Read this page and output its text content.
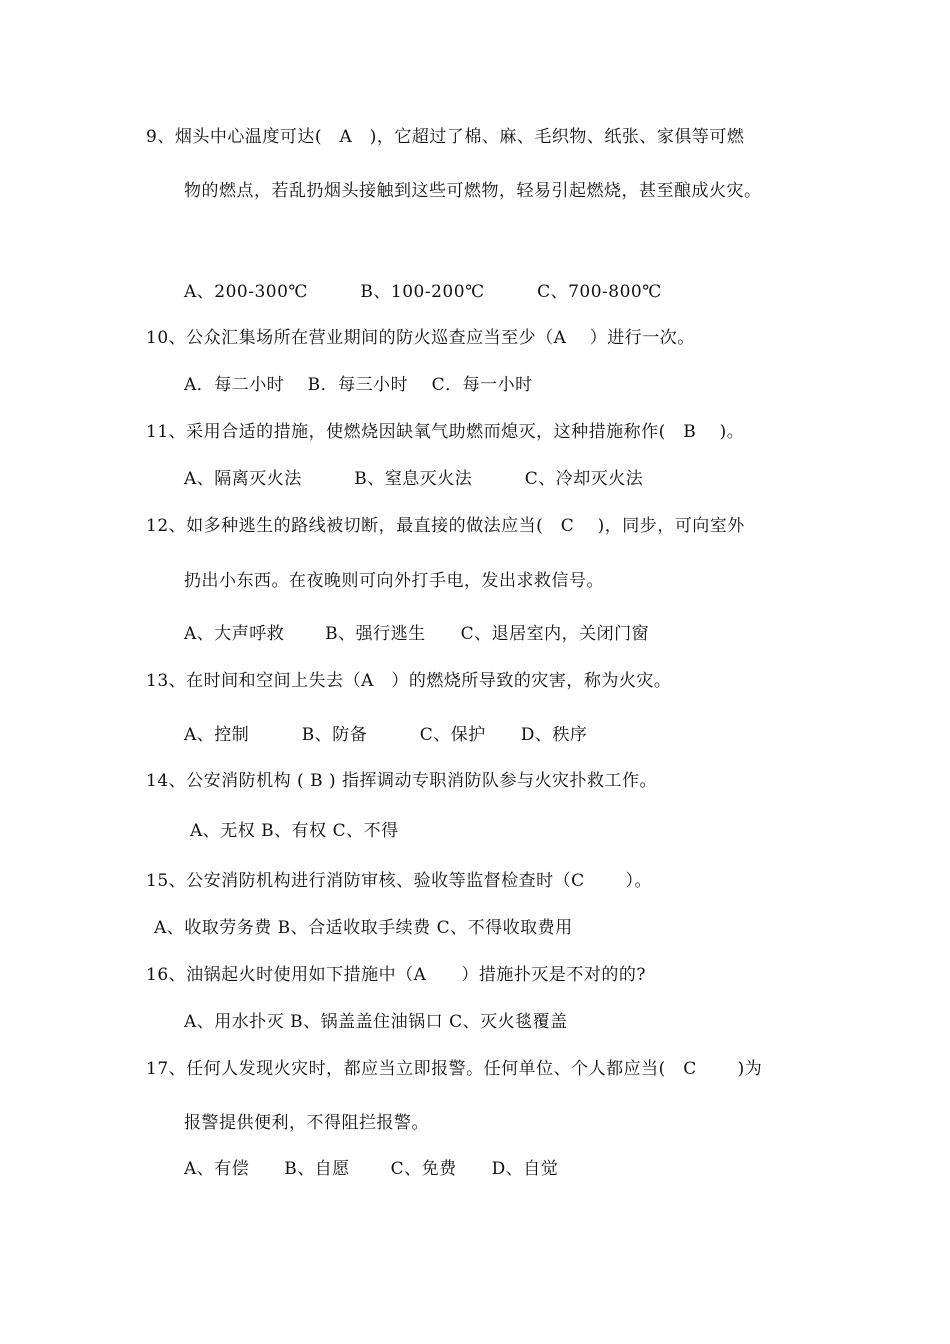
9、烟头中心温度可达(　A　)，它超过了棉、麻、毛织物、纸张、家俱等可燃
物的燃点，若乱扔烟头接触到这些可燃物，轻易引起燃烧，甚至酿成火灾。
A、200-300℃　　　B、100-200℃　　　C、700-800℃
10、公众汇集场所在营业期间的防火巡查应当至少（A　 ）进行一次。
A．每二小时　 B．每三小时　 C．每一小时
11、采用合适的措施，使燃烧因缺氧气助燃而熄灭，这种措施称作(　B　 )。
A、隔离灭火法　　　B、窒息灭火法　　　C、冷却灭火法
12、如多种逃生的路线被切断，最直接的做法应当(　C　 )，同步，可向室外
扔出小东西。在夜晚则可向外打手电，发出求救信号。
A、大声呼救　　 B、强行逃生　　C、退居室内，关闭门窗
13、在时间和空间上失去（A　）的燃烧所导致的灾害，称为火灾。
A、控制　　　B、防备　　　C、保护　　D、秩序
14、公安消防机构 ( B ) 指挥调动专职消防队参与火灾扑救工作。
A、无权 B、有权 C、不得
15、公安消防机构进行消防审核、验收等监督检查时（C　　 ）。
A、收取劳务费 B、合适收取手续费 C、不得收取费用
16、油锅起火时使用如下措施中（A　　）措施扑灭是不对的的?
A、用水扑灭 B、锅盖盖住油锅口 C、灭火毯覆盖
17、任何人发现火灾时，都应当立即报警。任何单位、个人都应当(　C　　 )为
报警提供便利，不得阻拦报警。
A、有偿　　B、自愿　　 C、免费　　D、自觉
